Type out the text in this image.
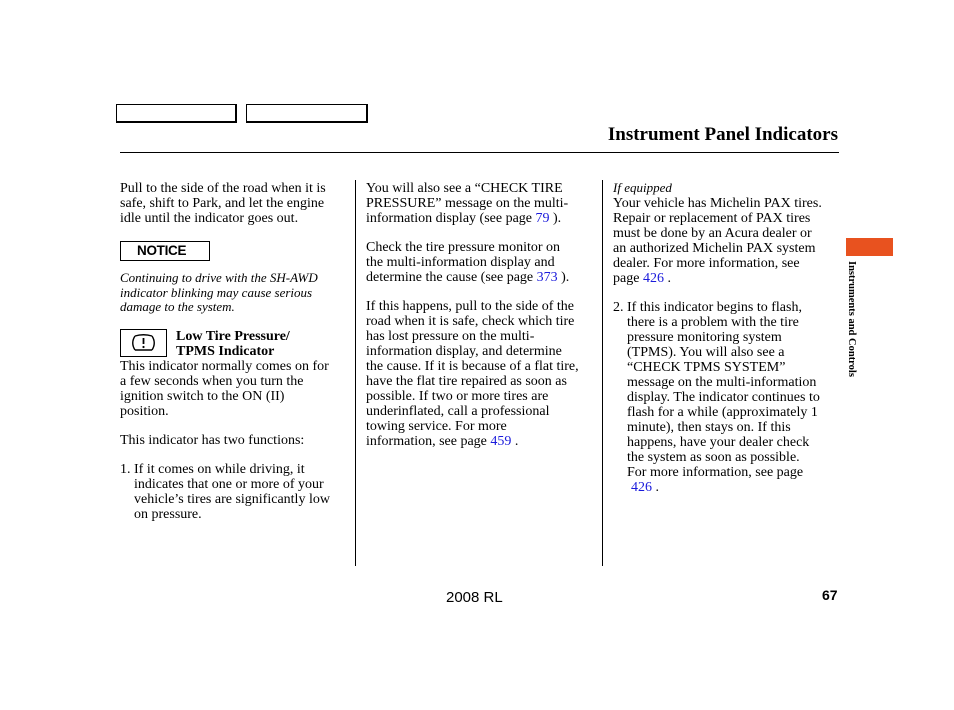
Instrument Panel Indicators
Instruments and Controls
Pull to the side of the road when it is
safe, shift to Park, and let the engine
idle until the indicator goes out.
NOTICE
Continuing to drive with the SH-AWD
indicator blinking may cause serious
damage to the system.
Low Tire Pressure/
TPMS Indicator
This indicator normally comes on for
a few seconds when you turn the
ignition switch to the ON (II)
position.
This indicator has two functions:
1. If it comes on while driving, it
indicates that one or more of your
vehicle’s tires are significantly low
on pressure.
You will also see a “CHECK TIRE
PRESSURE” message on the multi-
information display (see page 79 ).
Check the tire pressure monitor on
the multi-information display and
determine the cause (see page 373 ).
If this happens, pull to the side of the
road when it is safe, check which tire
has lost pressure on the multi-
information display, and determine
the cause. If it is because of a flat tire,
have the flat tire repaired as soon as
possible. If two or more tires are
underinflated, call a professional
towing service. For more
information, see page 459 .
If equipped
Your vehicle has Michelin PAX tires.
Repair or replacement of PAX tires
must be done by an Acura dealer or
an authorized Michelin PAX system
dealer. For more information, see
page 426 .
2. If this indicator begins to flash,
there is a problem with the tire
pressure monitoring system
(TPMS). You will also see a
“CHECK TPMS SYSTEM”
message on the multi-information
display. The indicator continues to
flash for a while (approximately 1
minute), then stays on. If this
happens, have your dealer check
the system as soon as possible.
For more information, see page
426 .
2008 RL	67
